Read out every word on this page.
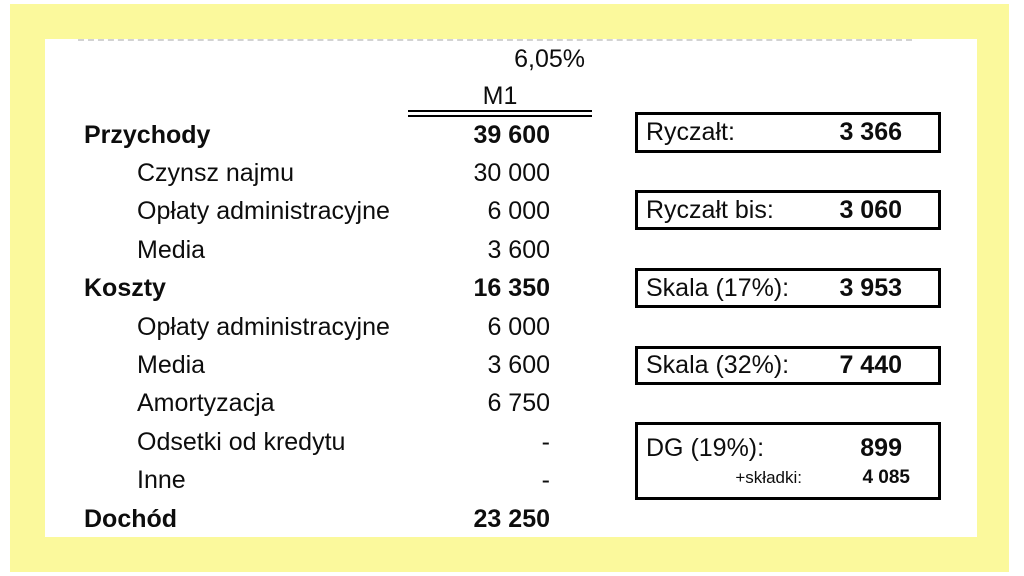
6,05%
M1
Przychody	39 600
Czynsz najmu	30 000
Opłaty administracyjne	6 000
Media	3 600
Koszty	16 350
Opłaty administracyjne	6 000
Media	3 600
Amortyzacja	6 750
Odsetki od kredytu	-
Inne	-
Dochód	23 250
Ryczałt:	3 366
Ryczałt bis:	3 060
Skala (17%):	3 953
Skala (32%):	7 440
DG (19%):	899
+składki:	4 085
